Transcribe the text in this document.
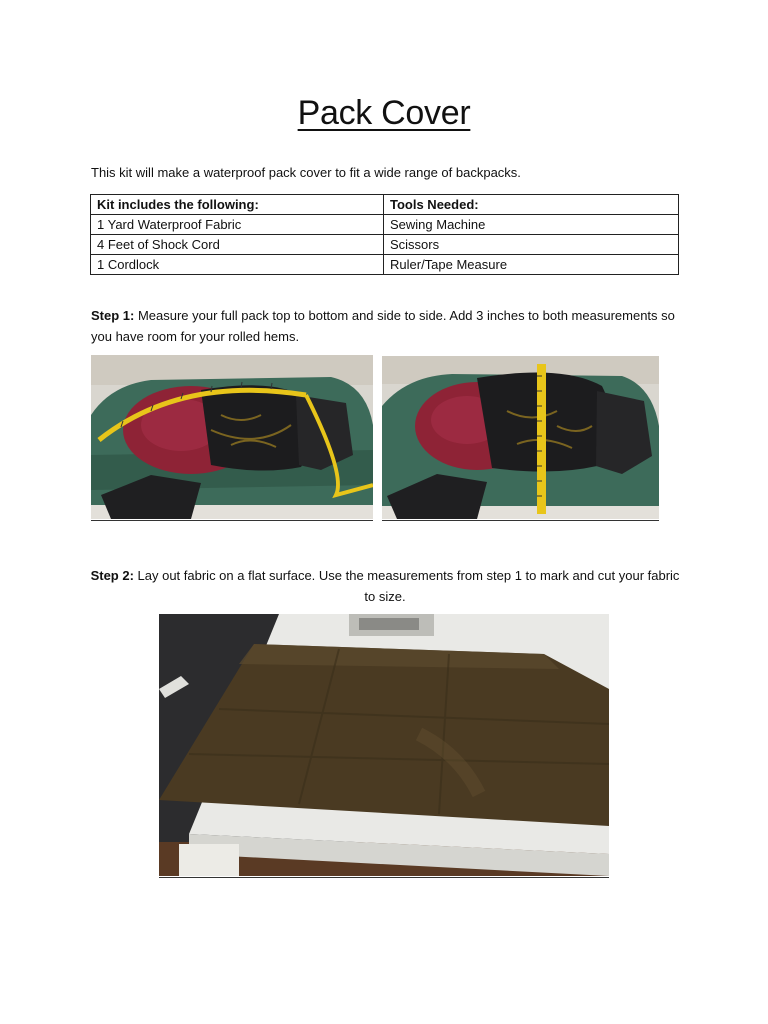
Pack Cover
This kit will make a waterproof pack cover to fit a wide range of backpacks.
Kit includes the following:	Tools Needed:
1 Yard Waterproof Fabric	Sewing Machine
4 Feet of Shock Cord	Scissors
1 Cordlock	Ruler/Tape Measure
Step 1: Measure your full pack top to bottom and side to side. Add 3 inches to both measurements so you have room for your rolled hems.
Step 2: Lay out fabric on a flat surface. Use the measurements from step 1 to mark and cut your fabric to size.
